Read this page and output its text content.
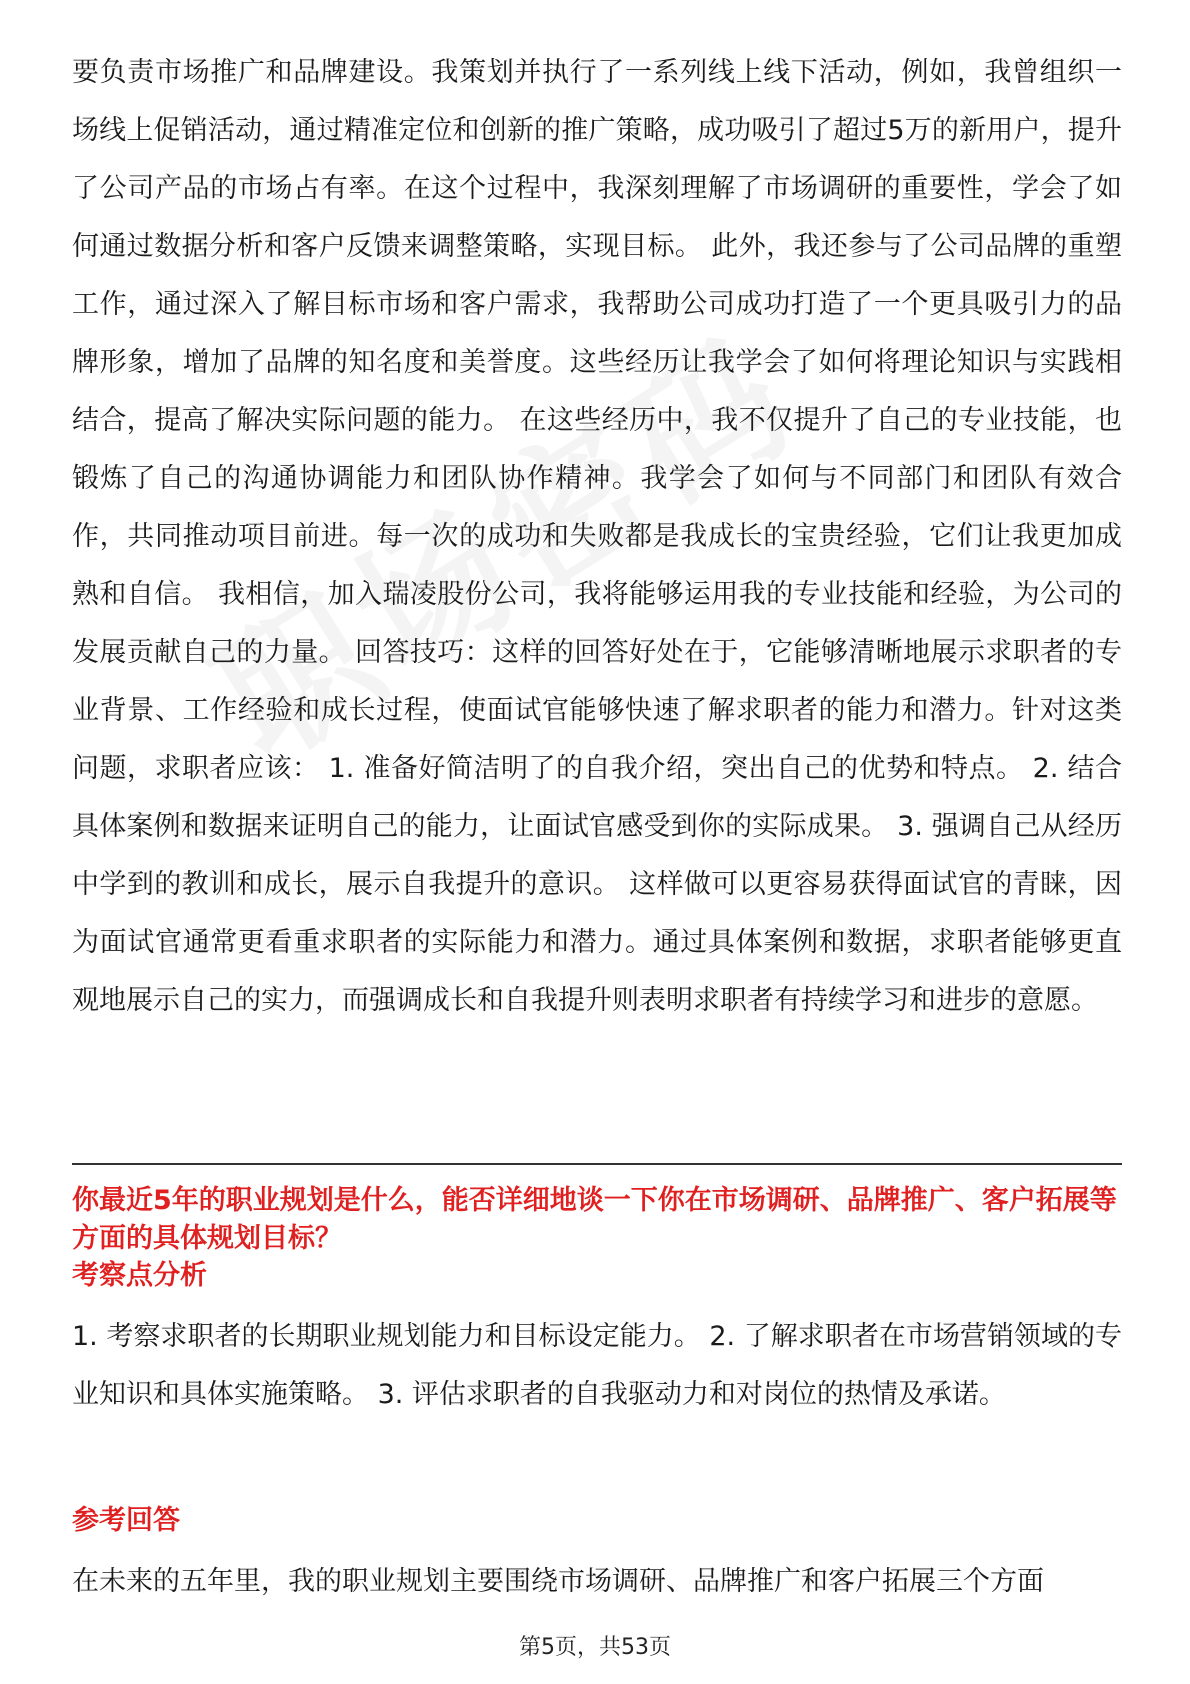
要负责市场推广和品牌建设。我策划并执行了一系列线上线下活动，例如，我曾组织一场线上促销活动，通过精准定位和创新的推广策略，成功吸引了超过5万的新用户，提升了公司产品的市场占有率。在这个过程中，我深刻理解了市场调研的重要性，学会了如何通过数据分析和客户反馈来调整策略，实现目标。 此外，我还参与了公司品牌的重塑工作，通过深入了解目标市场和客户需求，我帮助公司成功打造了一个更具吸引力的品牌形象，增加了品牌的知名度和美誉度。这些经历让我学会了如何将理论知识与实践相结合，提高了解决实际问题的能力。 在这些经历中，我不仅提升了自己的专业技能，也锻炼了自己的沟通协调能力和团队协作精神。我学会了如何与不同部门和团队有效合作，共同推动项目前进。每一次的成功和失败都是我成长的宝贵经验，它们让我更加成熟和自信。 我相信，加入瑞凌股份公司，我将能够运用我的专业技能和经验，为公司的发展贡献自己的力量。 回答技巧：这样的回答好处在于，它能够清晰地展示求职者的专业背景、工作经验和成长过程，使面试官能够快速了解求职者的能力和潜力。针对这类问题，求职者应该： 1. 准备好简洁明了的自我介绍，突出自己的优势和特点。 2. 结合具体案例和数据来证明自己的能力，让面试官感受到你的实际成果。 3. 强调自己从经历中学到的教训和成长，展示自我提升的意识。 这样做可以更容易获得面试官的青睐，因为面试官通常更看重求职者的实际能力和潜力。通过具体案例和数据，求职者能够更直观地展示自己的实力，而强调成长和自我提升则表明求职者有持续学习和进步的意愿。

你最近5年的职业规划是什么，能否详细地谈一下你在市场调研、品牌推广、客户拓展等方面的具体规划目标？

考察点分析

1. 考察求职者的长期职业规划能力和目标设定能力。 2. 了解求职者在市场营销领域的专业知识和具体实施策略。 3. 评估求职者的自我驱动力和对岗位的热情及承诺。

参考回答

在未来的五年里，我的职业规划主要围绕市场调研、品牌推广和客户拓展三个方面

第5页，共53页
